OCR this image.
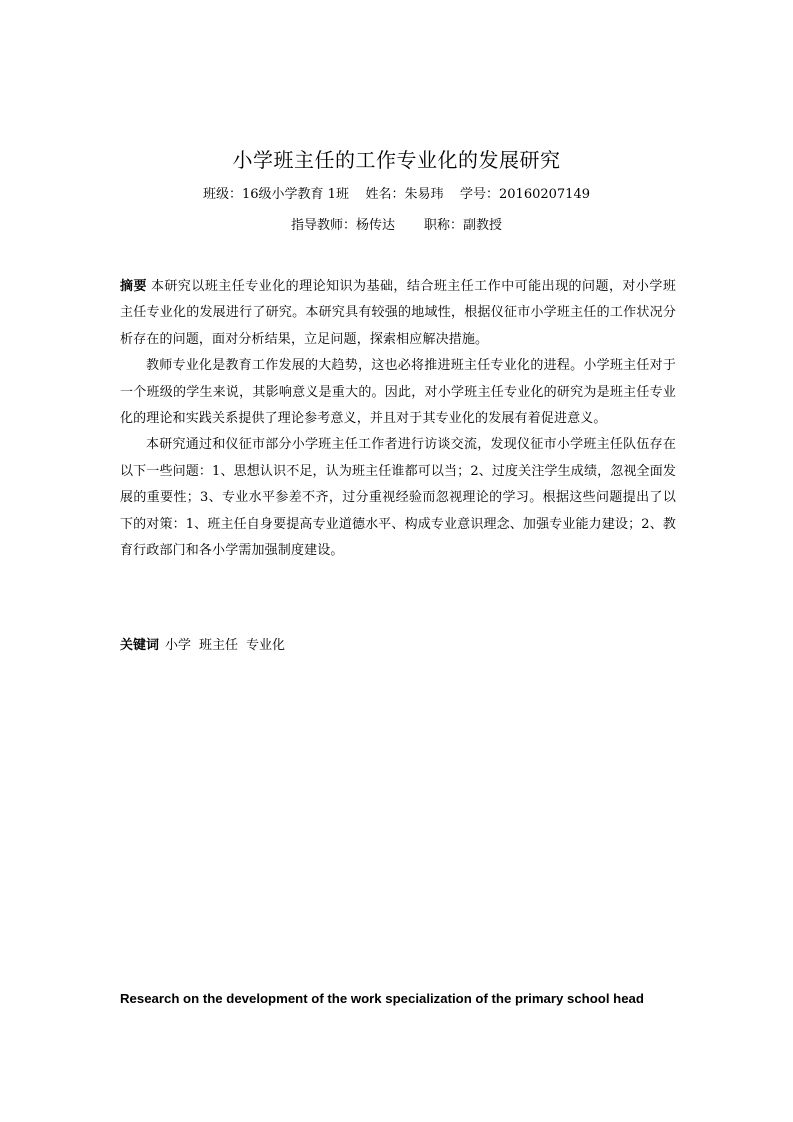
小学班主任的工作专业化的发展研究
班级：16级小学教育 1班    姓名：朱易玮    学号：20160207149
指导教师：杨传达       职称：副教授

摘要 本研究以班主任专业化的理论知识为基础，结合班主任工作中可能出现的问题，对小学班主任专业化的发展进行了研究。本研究具有较强的地域性，根据仪征市小学班主任的工作状况分析存在的问题，面对分析结果，立足问题，探索相应解决措施。

教师专业化是教育工作发展的大趋势，这也必将推进班主任专业化的进程。小学班主任对于一个班级的学生来说，其影响意义是重大的。因此，对小学班主任专业化的研究为是班主任专业化的理论和实践关系提供了理论参考意义，并且对于其专业化的发展有着促进意义。

本研究通过和仪征市部分小学班主任工作者进行访谈交流，发现仪征市小学班主任队伍存在以下一些问题：1、思想认识不足，认为班主任谁都可以当；2、过度关注学生成绩，忽视全面发展的重要性；3、专业水平参差不齐，过分重视经验而忽视理论的学习。根据这些问题提出了以下的对策：1、班主任自身要提高专业道德水平、构成专业意识理念、加强专业能力建设；2、教育行政部门和各小学需加强制度建设。

关键词 小学 班主任 专业化
Research on the development of the work specialization of the primary school head
